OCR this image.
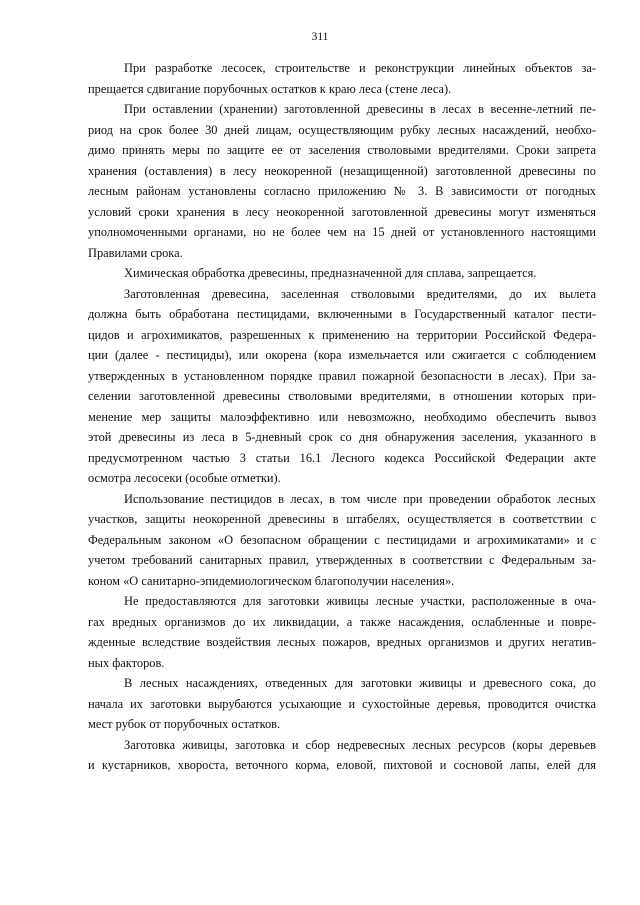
311
При разработке лесосек, строительстве и реконструкции линейных объектов за-
прещается сдвигание порубочных остатков к краю леса (стене леса).
При оставлении (хранении) заготовленной древесины в лесах в весенне-летний пе-
риод на срок более 30 дней лицам, осуществляющим рубку лесных насаждений, необхо-
димо принять меры по защите ее от заселения стволовыми вредителями. Сроки запрета
хранения (оставления) в лесу неокоренной (незащищенной) заготовленной древесины по
лесным районам установлены согласно приложению № 3. В зависимости от погодных
условий сроки хранения в лесу неокоренной заготовленной древесины могут изменяться
уполномоченными органами, но не более чем на 15 дней от установленного настоящими
Правилами срока.
Химическая обработка древесины, предназначенной для сплава, запрещается.
Заготовленная древесина, заселенная стволовыми вредителями, до их вылета
должна быть обработана пестицидами, включенными в Государственный каталог пести-
цидов и агрохимикатов, разрешенных к применению на территории Российской Федера-
ции (далее - пестициды), или окорена (кора измельчается или сжигается с соблюдением
утвержденных в установленном порядке правил пожарной безопасности в лесах). При за-
селении заготовленной древесины стволовыми вредителями, в отношении которых при-
менение мер защиты малоэффективно или невозможно, необходимо обеспечить вывоз
этой древесины из леса в 5-дневный срок со дня обнаружения заселения, указанного в
предусмотренном частью 3 статьи 16.1 Лесного кодекса Российской Федерации акте
осмотра лесосеки (особые отметки).
Использование пестицидов в лесах, в том числе при проведении обработок лесных
участков, защиты неокоренной древесины в штабелях, осуществляется в соответствии с
Федеральным законом «О безопасном обращении с пестицидами и агрохимикатами» и с
учетом требований санитарных правил, утвержденных в соответствии с Федеральным за-
коном «О санитарно-эпидемиологическом благополучии населения».
Не предоставляются для заготовки живицы лесные участки, расположенные в оча-
гах вредных организмов до их ликвидации, а также насаждения, ослабленные и повре-
жденные вследствие воздействия лесных пожаров, вредных организмов и других негатив-
ных факторов.
В лесных насаждениях, отведенных для заготовки живицы и древесного сока, до
начала их заготовки вырубаются усыхающие и сухостойные деревья, проводится очистка
мест рубок от порубочных остатков.
Заготовка живицы, заготовка и сбор недревесных лесных ресурсов (коры деревьев
и кустарников, хвороста, веточного корма, еловой, пихтовой и сосновой лапы, елей для
